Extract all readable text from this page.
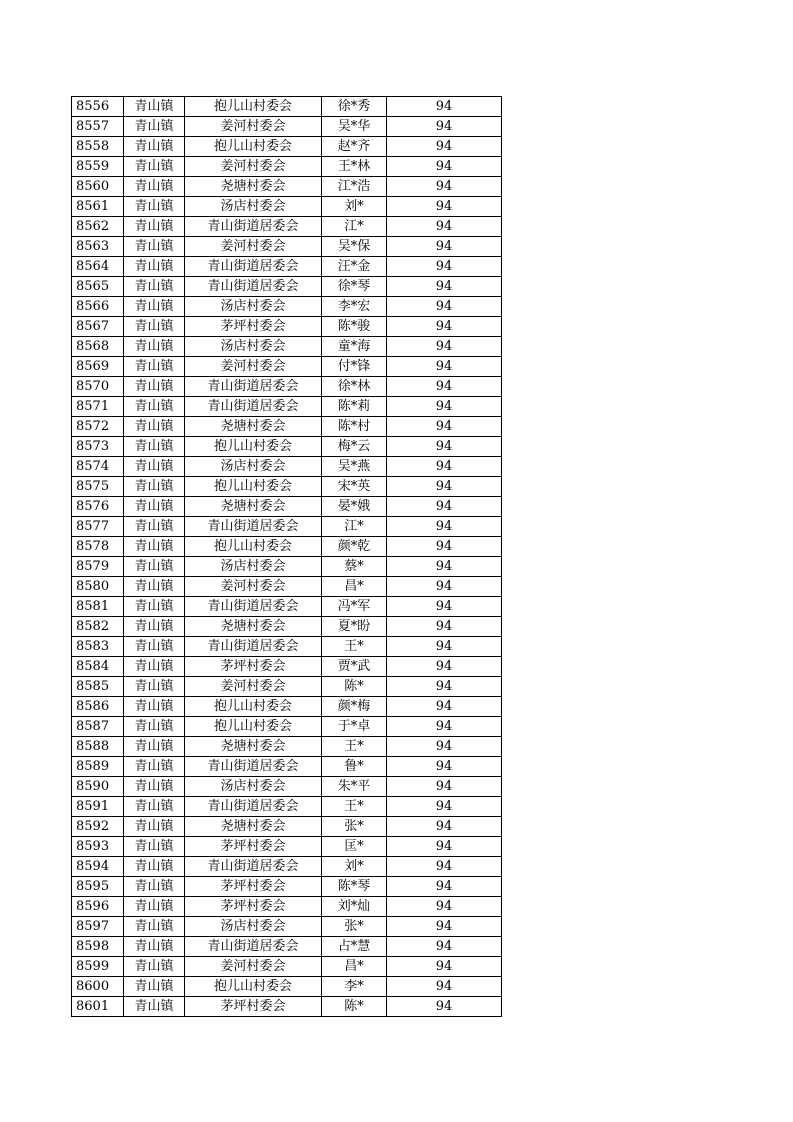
8556	青山镇	抱儿山村委会	徐*秀	94
8557	青山镇	姜河村委会	吴*华	94
8558	青山镇	抱儿山村委会	赵*齐	94
8559	青山镇	姜河村委会	王*林	94
8560	青山镇	尧塘村委会	江*浩	94
8561	青山镇	汤店村委会	刘*	94
8562	青山镇	青山街道居委会	江*	94
8563	青山镇	姜河村委会	吴*保	94
8564	青山镇	青山街道居委会	汪*金	94
8565	青山镇	青山街道居委会	徐*琴	94
8566	青山镇	汤店村委会	李*宏	94
8567	青山镇	茅坪村委会	陈*骏	94
8568	青山镇	汤店村委会	童*海	94
8569	青山镇	姜河村委会	付*锋	94
8570	青山镇	青山街道居委会	徐*林	94
8571	青山镇	青山街道居委会	陈*莉	94
8572	青山镇	尧塘村委会	陈*村	94
8573	青山镇	抱儿山村委会	梅*云	94
8574	青山镇	汤店村委会	吴*燕	94
8575	青山镇	抱儿山村委会	宋*英	94
8576	青山镇	尧塘村委会	晏*娥	94
8577	青山镇	青山街道居委会	江*	94
8578	青山镇	抱儿山村委会	颜*乾	94
8579	青山镇	汤店村委会	蔡*	94
8580	青山镇	姜河村委会	昌*	94
8581	青山镇	青山街道居委会	冯*军	94
8582	青山镇	尧塘村委会	夏*盼	94
8583	青山镇	青山街道居委会	王*	94
8584	青山镇	茅坪村委会	贾*武	94
8585	青山镇	姜河村委会	陈*	94
8586	青山镇	抱儿山村委会	颜*梅	94
8587	青山镇	抱儿山村委会	于*卓	94
8588	青山镇	尧塘村委会	王*	94
8589	青山镇	青山街道居委会	鲁*	94
8590	青山镇	汤店村委会	朱*平	94
8591	青山镇	青山街道居委会	王*	94
8592	青山镇	尧塘村委会	张*	94
8593	青山镇	茅坪村委会	匡*	94
8594	青山镇	青山街道居委会	刘*	94
8595	青山镇	茅坪村委会	陈*琴	94
8596	青山镇	茅坪村委会	刘*灿	94
8597	青山镇	汤店村委会	张*	94
8598	青山镇	青山街道居委会	占*慧	94
8599	青山镇	姜河村委会	昌*	94
8600	青山镇	抱儿山村委会	李*	94
8601	青山镇	茅坪村委会	陈*	94
